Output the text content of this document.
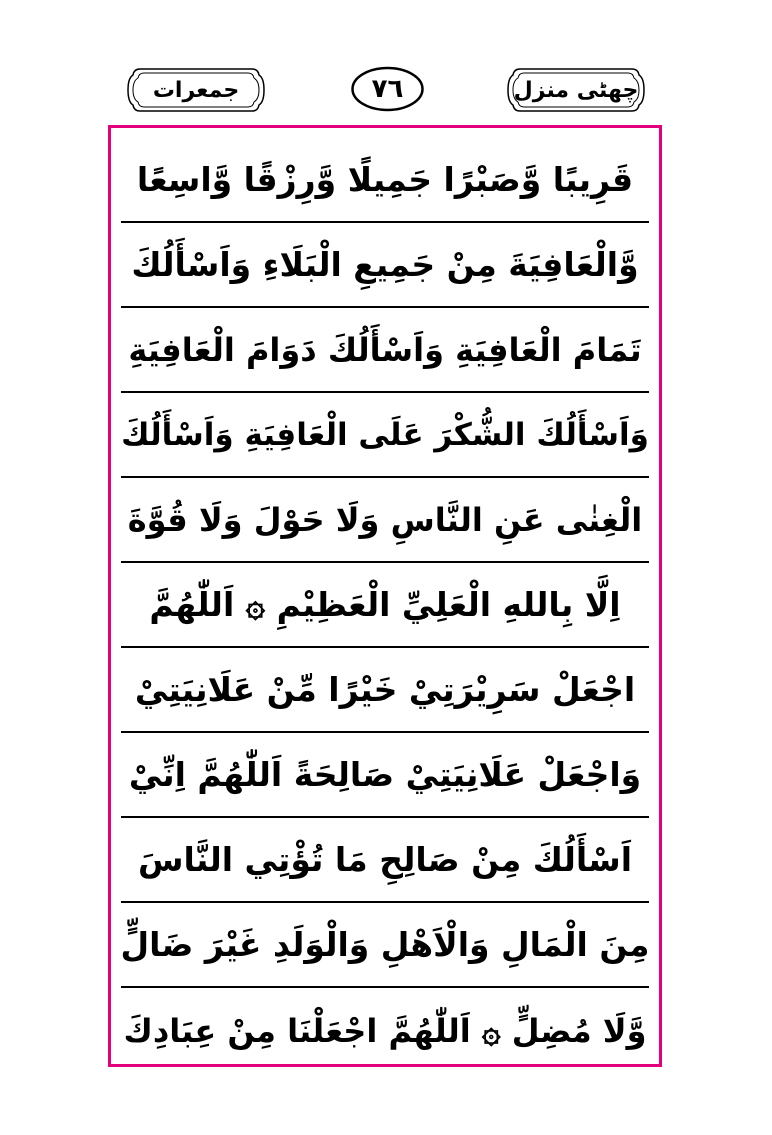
جمعرات	٧٦	چھٹی منزل
قَرِيبًا وَّصَبْرًا جَمِيلًا وَّرِزْقًا وَّاسِعًا
وَّالْعَافِيَةَ مِنْ جَمِيعِ الْبَلَاءِ وَاَسْأَلُكَ
تَمَامَ الْعَافِيَةِ وَاَسْأَلُكَ دَوَامَ الْعَافِيَةِ
وَاَسْأَلُكَ الشُّكْرَ عَلَى الْعَافِيَةِ وَاَسْأَلُكَ
الْغِنٰى عَنِ النَّاسِ وَلَا حَوْلَ وَلَا قُوَّةَ
اِلَّا بِاللهِ الْعَلِيِّ الْعَظِيْمِ ۞ اَللّٰهُمَّ
اجْعَلْ سَرِيْرَتِيْ خَيْرًا مِّنْ عَلَانِيَتِيْ
وَاجْعَلْ عَلَانِيَتِيْ صَالِحَةً اَللّٰهُمَّ اِنِّيْ
اَسْأَلُكَ مِنْ صَالِحِ مَا تُؤْتِي النَّاسَ
مِنَ الْمَالِ وَالْاَهْلِ وَالْوَلَدِ غَيْرَ ضَالٍّ
وَّلَا مُضِلٍّ ۞ اَللّٰهُمَّ اجْعَلْنَا مِنْ عِبَادِكَ
